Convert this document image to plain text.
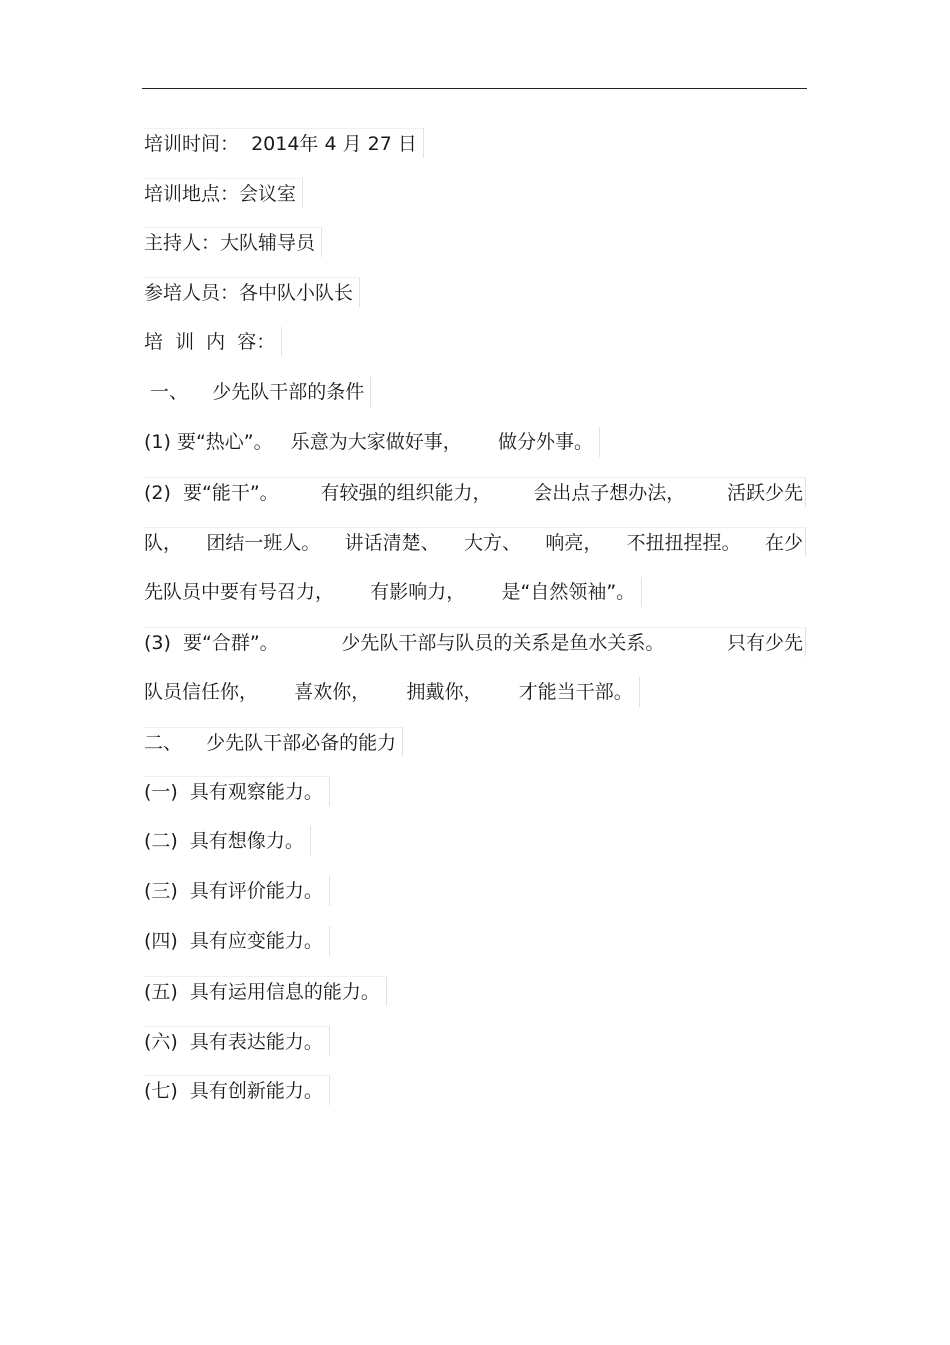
培训时间：  2014年 4 月 27 日
培训地点：会议室
主持人：大队辅导员
参培人员：各中队小队长
培  训  内  容：
一、    少先队干部的条件
(1) 要“热心”。   乐意为大家做好事，      做分外事。
(2)  要“能干”。 有较强的组织能力， 会出点子想办法， 活跃少先
队， 团结一班人。 讲话清楚、 大方、 响亮， 不扭扭捏捏。 在少
先队员中要有号召力，      有影响力，      是“自然领袖”。
(3)  要“合群”。	少先队干部与队员的关系是鱼水关系。	只有少先
队员信任你，      喜欢你，      拥戴你，      才能当干部。
二、    少先队干部必备的能力
(一)  具有观察能力。
(二)  具有想像力。
(三)  具有评价能力。
(四)  具有应变能力。
(五)  具有运用信息的能力。
(六)  具有表达能力。
(七)  具有创新能力。
